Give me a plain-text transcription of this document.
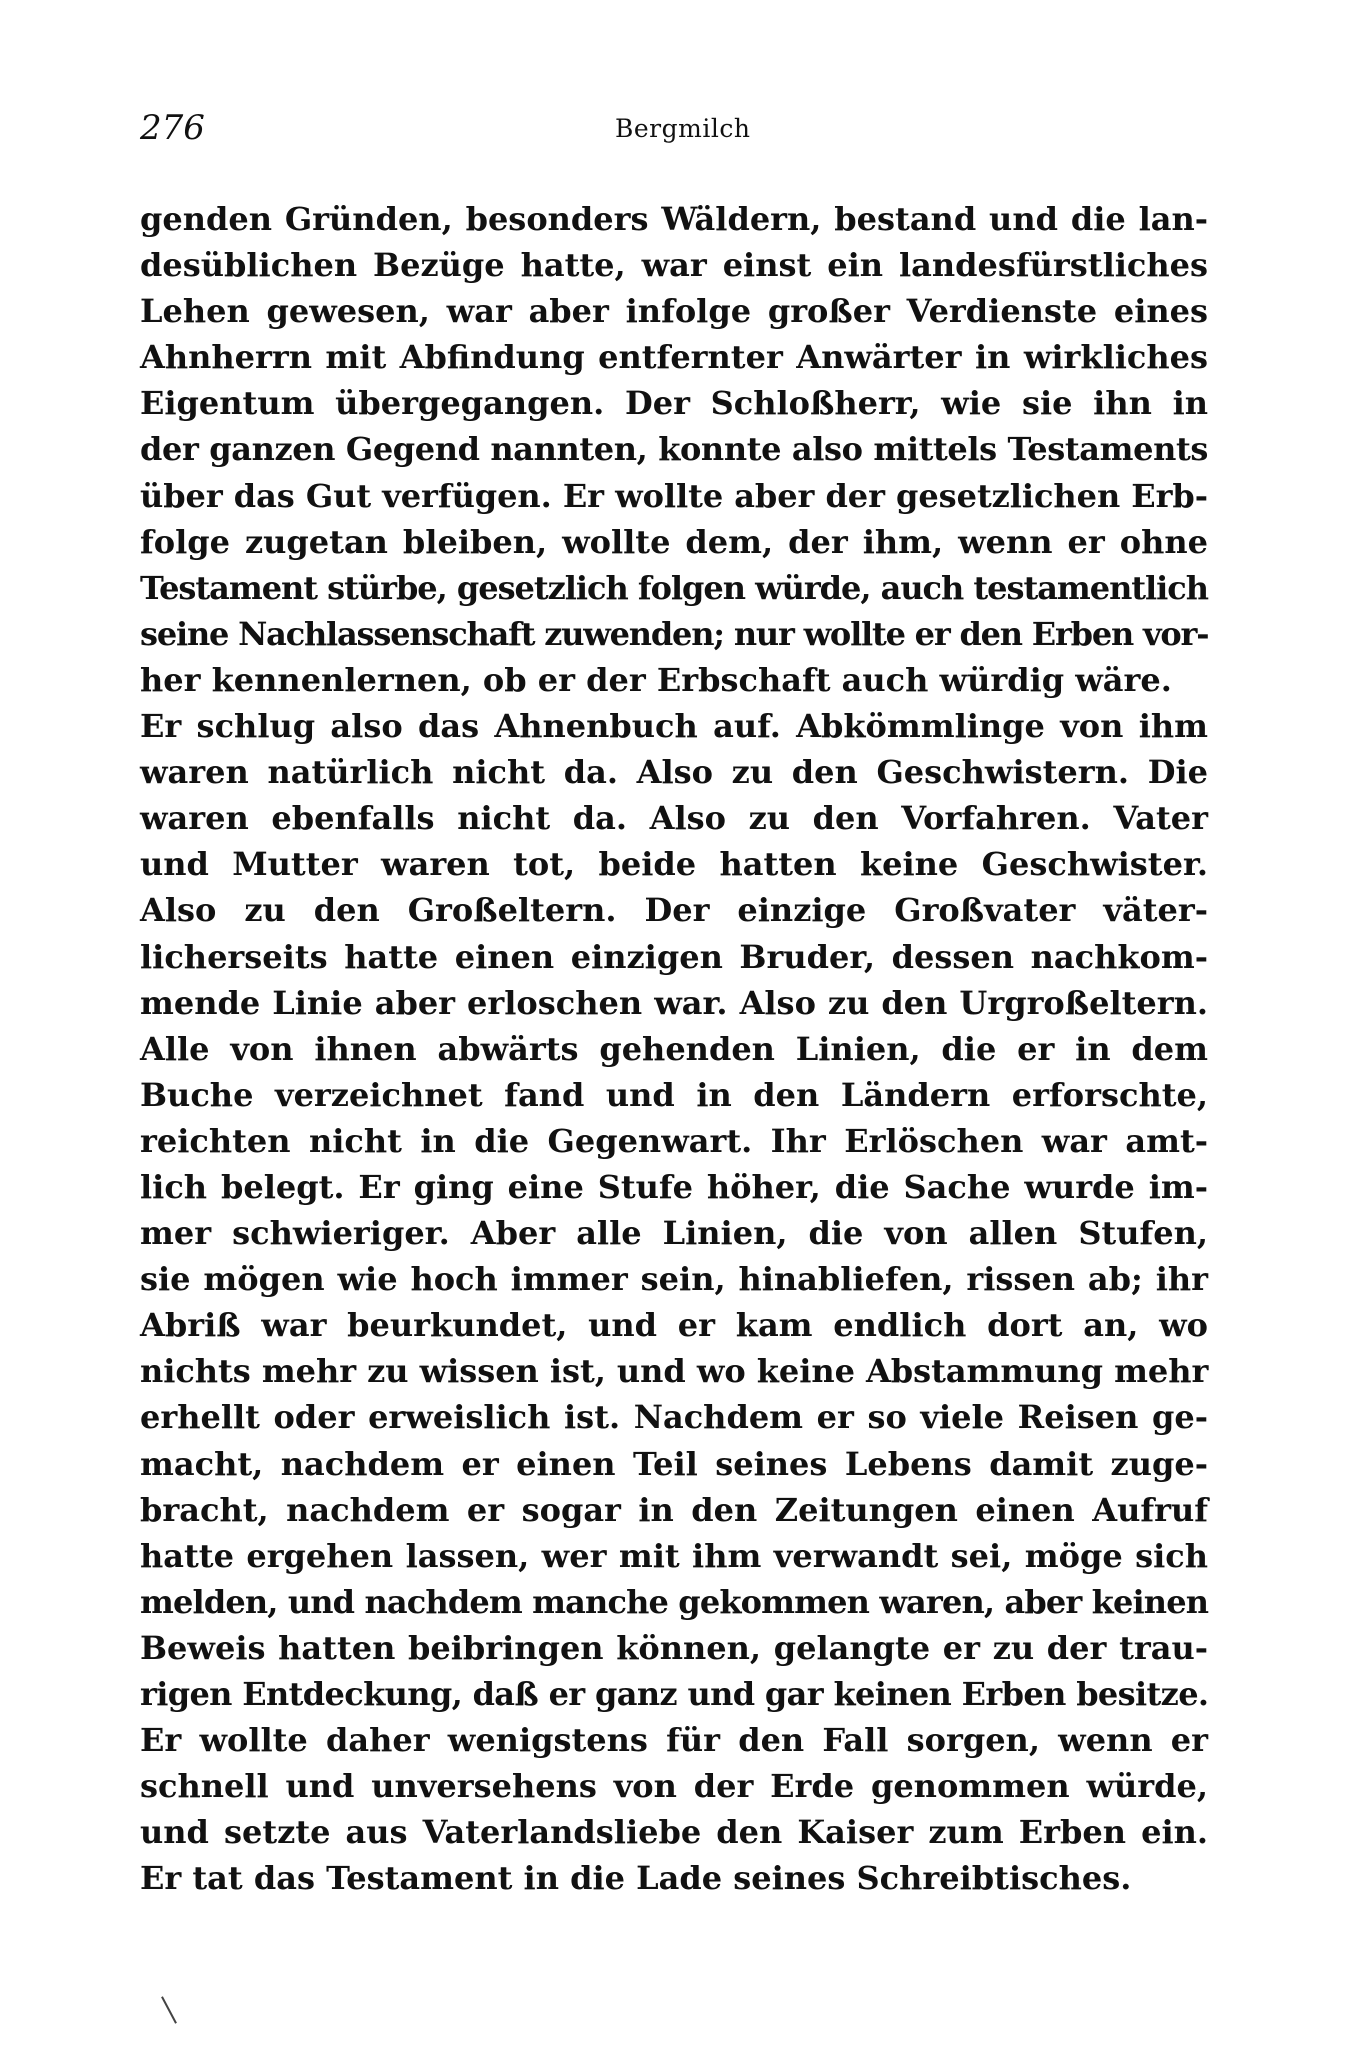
276	Bergmilch
genden Gründen, besonders Wäldern, bestand und die lan-
desüblichen Bezüge hatte, war einst ein landesfürstliches
Lehen gewesen, war aber infolge großer Verdienste eines
Ahnherrn mit Abfindung entfernter Anwärter in wirkliches
Eigentum übergegangen. Der Schloßherr, wie sie ihn in
der ganzen Gegend nannten, konnte also mittels Testaments
über das Gut verfügen. Er wollte aber der gesetzlichen Erb-
folge zugetan bleiben, wollte dem, der ihm, wenn er ohne
Testament stürbe, gesetzlich folgen würde, auch testamentlich
seine Nachlassenschaft zuwenden; nur wollte er den Erben vor-
her kennenlernen, ob er der Erbschaft auch würdig wäre.
Er schlug also das Ahnenbuch auf. Abkömmlinge von ihm
waren natürlich nicht da. Also zu den Geschwistern. Die
waren ebenfalls nicht da. Also zu den Vorfahren. Vater
und Mutter waren tot, beide hatten keine Geschwister.
Also zu den Großeltern. Der einzige Großvater väter-
licherseits hatte einen einzigen Bruder, dessen nachkom-
mende Linie aber erloschen war. Also zu den Urgroßeltern.
Alle von ihnen abwärts gehenden Linien, die er in dem
Buche verzeichnet fand und in den Ländern erforschte,
reichten nicht in die Gegenwart. Ihr Erlöschen war amt-
lich belegt. Er ging eine Stufe höher, die Sache wurde im-
mer schwieriger. Aber alle Linien, die von allen Stufen,
sie mögen wie hoch immer sein, hinabliefen, rissen ab; ihr
Abriß war beurkundet, und er kam endlich dort an, wo
nichts mehr zu wissen ist, und wo keine Abstammung mehr
erhellt oder erweislich ist. Nachdem er so viele Reisen ge-
macht, nachdem er einen Teil seines Lebens damit zuge-
bracht, nachdem er sogar in den Zeitungen einen Aufruf
hatte ergehen lassen, wer mit ihm verwandt sei, möge sich
melden, und nachdem manche gekommen waren, aber keinen
Beweis hatten beibringen können, gelangte er zu der trau-
rigen Entdeckung, daß er ganz und gar keinen Erben besitze.
Er wollte daher wenigstens für den Fall sorgen, wenn er
schnell und unversehens von der Erde genommen würde,
und setzte aus Vaterlandsliebe den Kaiser zum Erben ein.
Er tat das Testament in die Lade seines Schreibtisches.
